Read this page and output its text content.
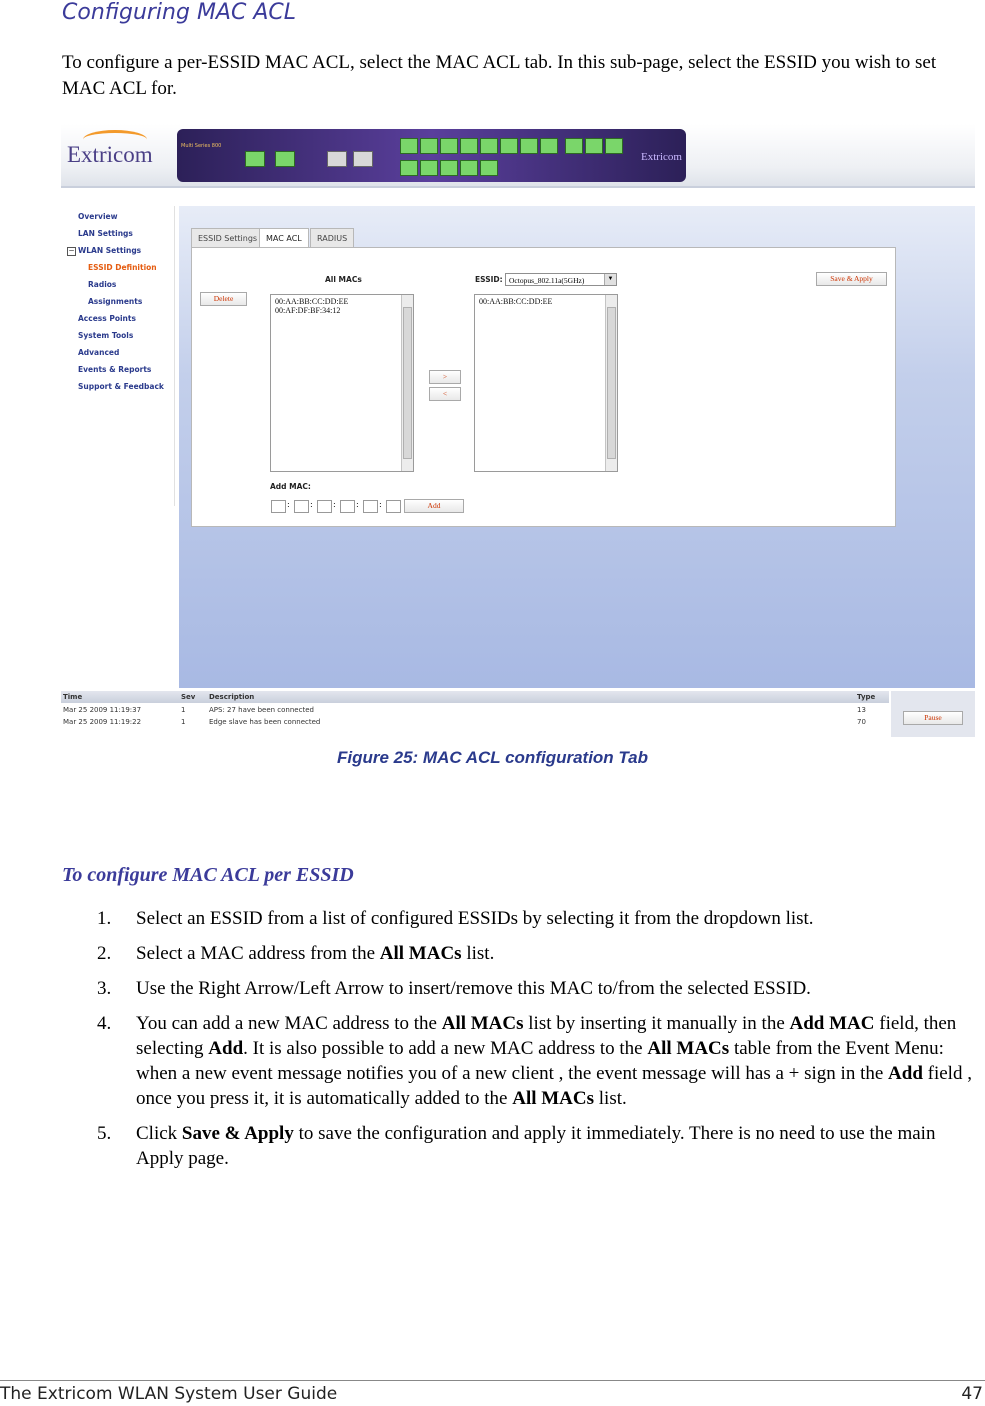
Configuring MAC ACL

To configure a per-ESSID MAC ACL, select the MAC ACL tab. In this sub-page, select the ESSID you wish to set MAC ACL for.

Extricom	Multi Series 800

Extricom
Overview
LAN Settings
− WLAN Settings
ESSID Definition
Radios
Assignments
Access Points
System Tools
Advanced
Events & Reports
Support & Feedback
ESSID Settings	MAC ACL	RADIUS
All MACs	ESSID: Octopus_802.11a(5GHz)	▼	Save & Apply
Delete	00:AA:BB:CC:DD:EE
00:AF:DF:BF:34:12
>
<
00:AA:BB:CC:DD:EE
Add MAC:
:	:	:	:	:	Add
Time	Sev Description	Type
Mar 25 2009 11:19:37	1	APS: 27 have been connected	13
Mar 25 2009 11:19:22	1	Edge slave has been connected	70	Pause
Figure 25: MAC ACL configuration Tab
To configure MAC ACL per ESSID
1. Select an ESSID from a list of configured ESSIDs by selecting it from the dropdown list.
2. Select a MAC address from the All MACs list.
3. Use the Right Arrow/Left Arrow to insert/remove this MAC to/from the selected ESSID.
4. You can add a new MAC address to the All MACs list by inserting it manually in the Add MAC field, then selecting Add. It is also possible to add a new MAC address to the All MACs table from the Event Menu: when a new event message notifies you of a new client , the event message will has a + sign in the Add field , once you press it, it is automatically added to the All MACs list.
5. Click Save & Apply to save the configuration and apply it immediately. There is no need to use the main Apply page.
The Extricom WLAN System User Guide	47
